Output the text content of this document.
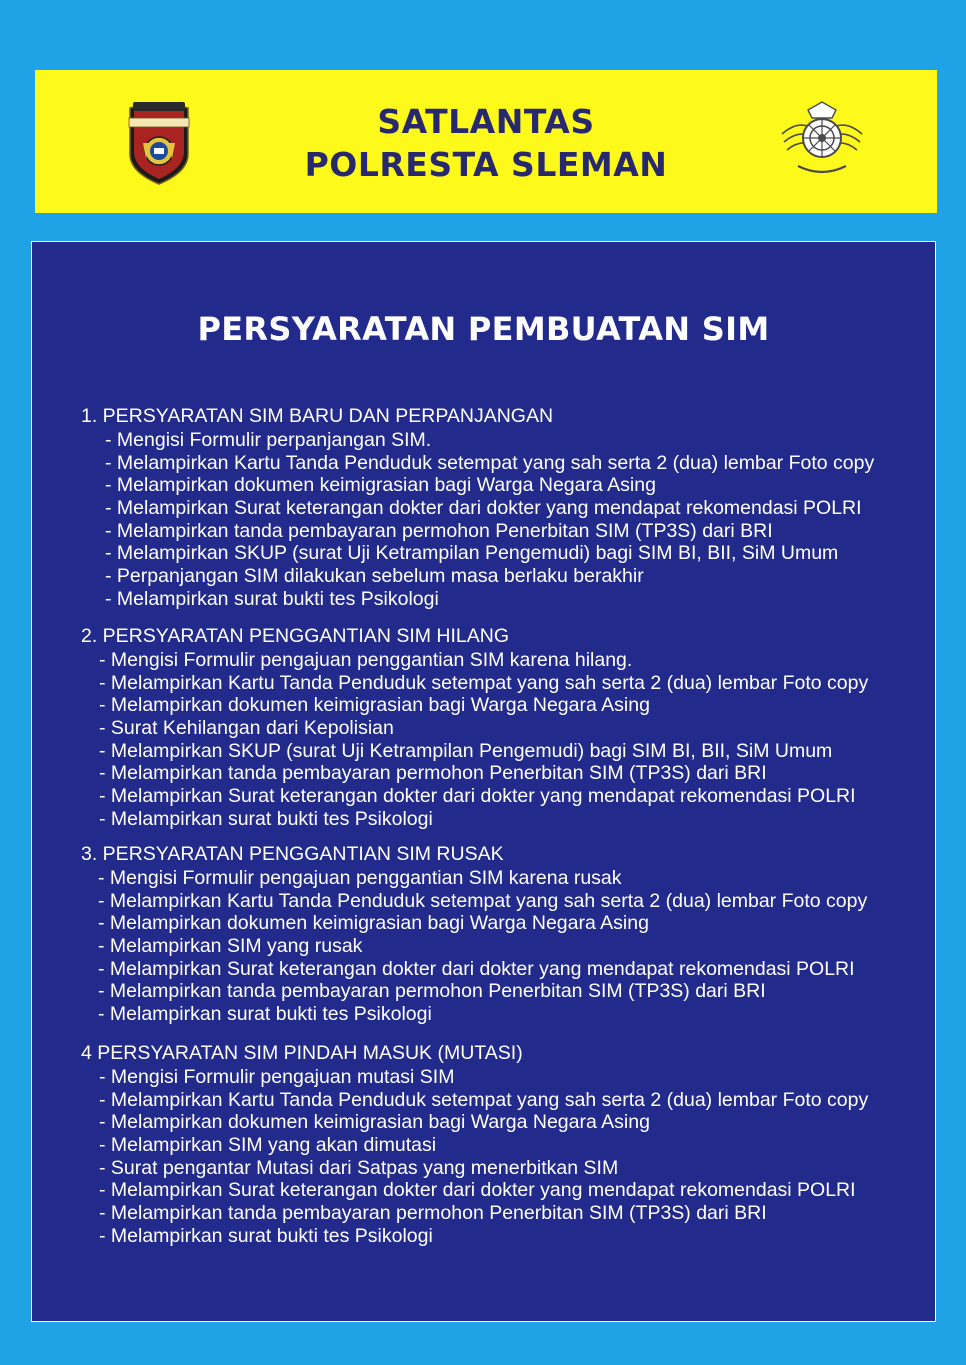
SATLANTAS
POLRESTA SLEMAN
PERSYARATAN PEMBUATAN SIM
1. PERSYARATAN SIM BARU DAN PERPANJANGAN
- Mengisi Formulir perpanjangan SIM.
- Melampirkan Kartu Tanda Penduduk setempat yang sah serta 2 (dua) lembar Foto copy
- Melampirkan dokumen keimigrasian bagi Warga Negara Asing
- Melampirkan Surat keterangan dokter dari dokter yang mendapat rekomendasi POLRI
- Melampirkan tanda pembayaran permohon Penerbitan SIM (TP3S) dari BRI
- Melampirkan SKUP (surat Uji Ketrampilan Pengemudi) bagi SIM BI, BII, SiM Umum
- Perpanjangan SIM dilakukan sebelum masa berlaku berakhir
- Melampirkan surat bukti tes Psikologi
2. PERSYARATAN PENGGANTIAN SIM HILANG
- Mengisi Formulir pengajuan penggantian SIM karena hilang.
- Melampirkan Kartu Tanda Penduduk setempat yang sah serta 2 (dua) lembar Foto copy
- Melampirkan dokumen keimigrasian bagi Warga Negara Asing
- Surat Kehilangan dari Kepolisian
- Melampirkan SKUP (surat Uji Ketrampilan Pengemudi) bagi SIM BI, BII, SiM Umum
- Melampirkan tanda pembayaran permohon Penerbitan SIM (TP3S) dari BRI
- Melampirkan Surat keterangan dokter dari dokter yang mendapat rekomendasi POLRI
- Melampirkan surat bukti tes Psikologi
3. PERSYARATAN PENGGANTIAN SIM RUSAK
- Mengisi Formulir pengajuan penggantian SIM karena rusak
- Melampirkan Kartu Tanda Penduduk setempat yang sah serta 2 (dua) lembar Foto copy
- Melampirkan dokumen keimigrasian bagi Warga Negara Asing
- Melampirkan SIM yang rusak
- Melampirkan Surat keterangan dokter dari dokter yang mendapat rekomendasi POLRI
- Melampirkan tanda pembayaran permohon Penerbitan SIM (TP3S) dari BRI
- Melampirkan surat bukti tes Psikologi
4 PERSYARATAN SIM PINDAH MASUK (MUTASI)
- Mengisi Formulir pengajuan mutasi SIM
- Melampirkan Kartu Tanda Penduduk setempat yang sah serta 2 (dua) lembar Foto copy
- Melampirkan dokumen keimigrasian bagi Warga Negara Asing
- Melampirkan SIM yang akan dimutasi
- Surat pengantar Mutasi dari Satpas yang menerbitkan SIM
- Melampirkan Surat keterangan dokter dari dokter yang mendapat rekomendasi POLRI
- Melampirkan tanda pembayaran permohon Penerbitan SIM (TP3S) dari BRI
- Melampirkan surat bukti tes Psikologi
